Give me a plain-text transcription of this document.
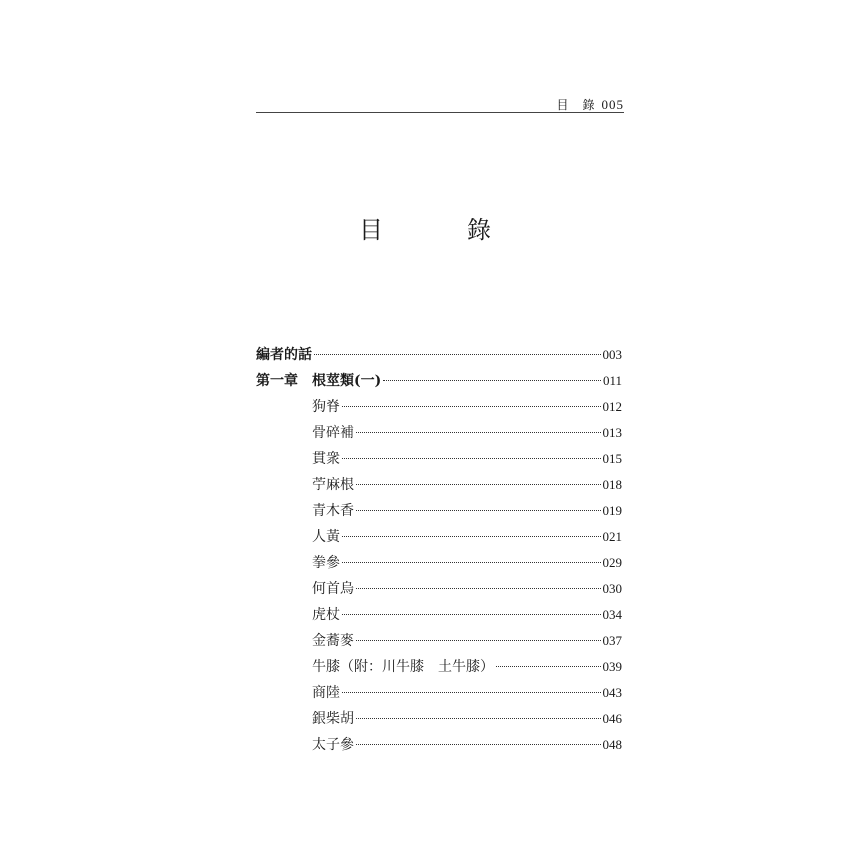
目　錄 005
目　錄
編者的話	003
第一章	根莖類(一)	011
狗脊	012
骨碎補	013
貫衆	015
苧麻根	018
青木香	019
人黃	021
拳參	029
何首烏	030
虎杖	034
金蕎麥	037
牛膝（附：川牛膝　土牛膝）	039
商陸	043
銀柴胡	046
太子參	048
